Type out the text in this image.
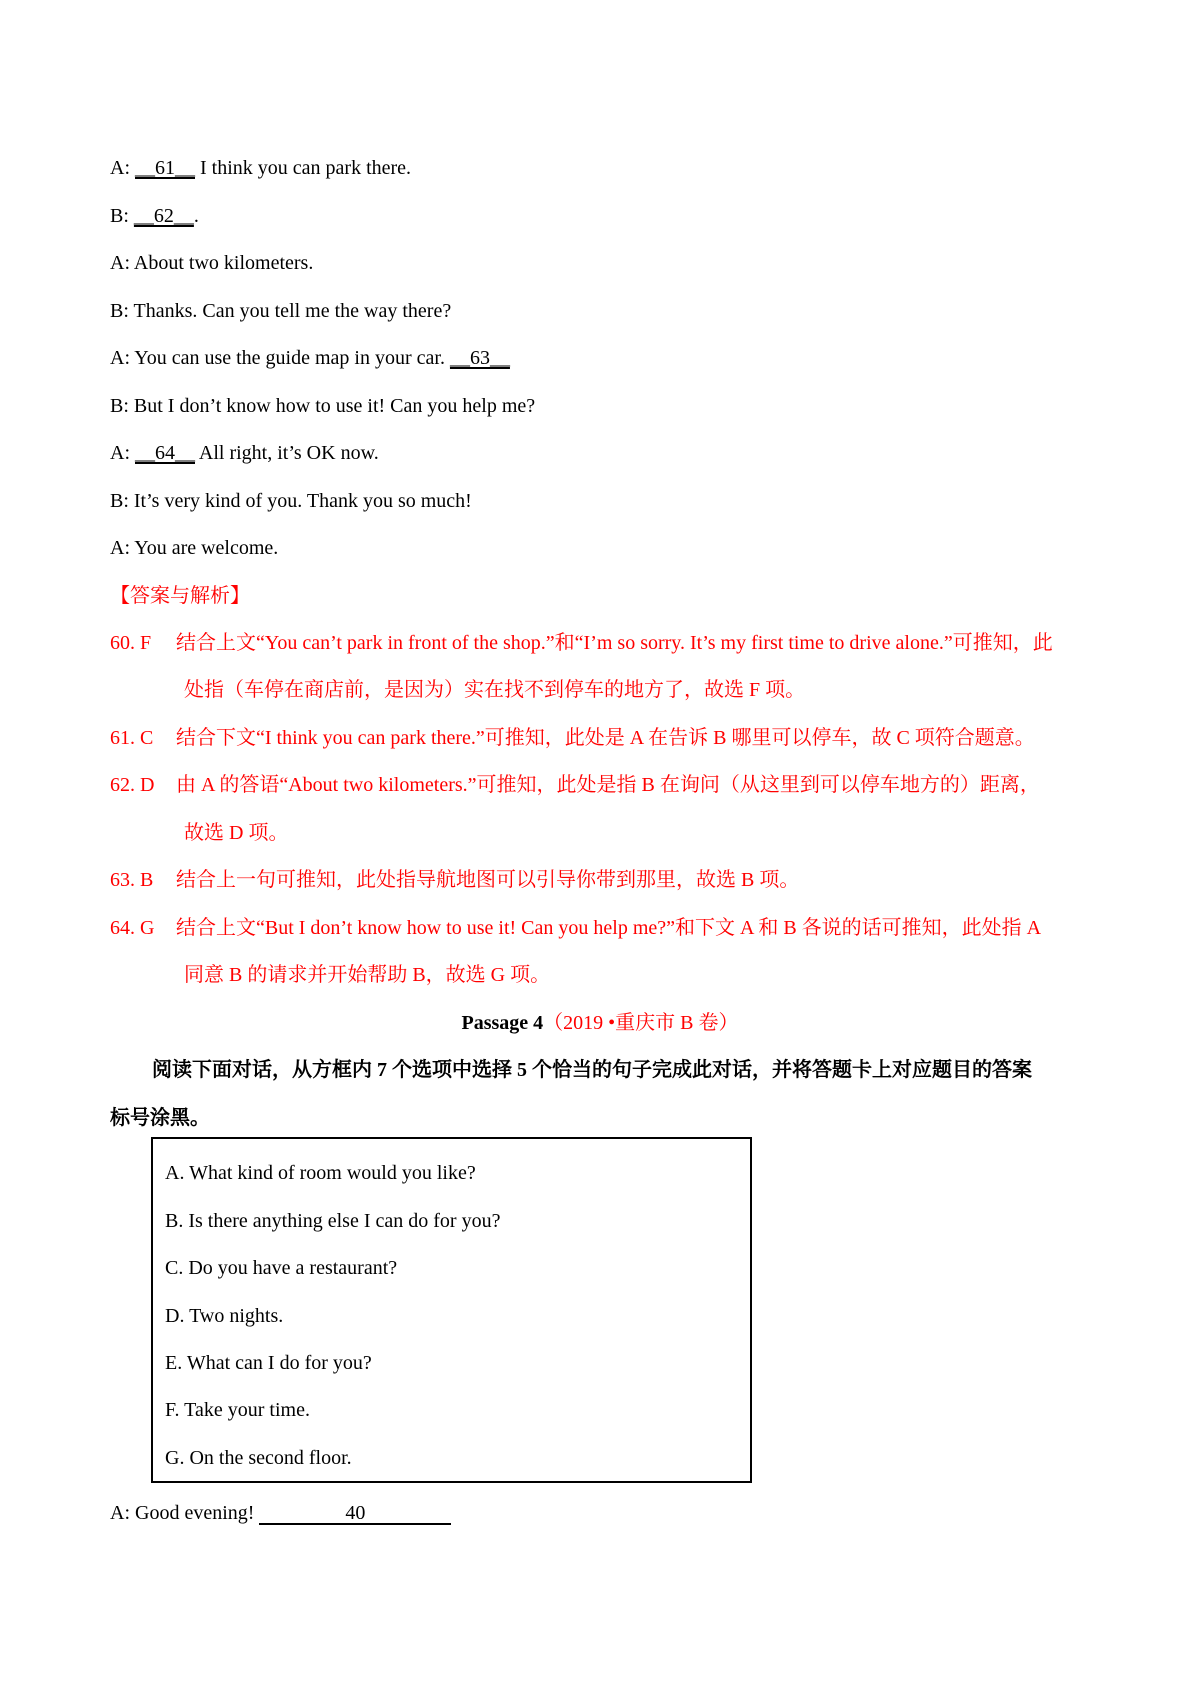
A: __61__ I think you can park there.
B: __62__.
A: About two kilometers.
B: Thanks. Can you tell me the way there?
A: You can use the guide map in your car. __63__
B: But I don’t know how to use it! Can you help me?
A: __64__ All right, it’s OK now.
B: It’s very kind of you. Thank you so much!
A: You are welcome.
【答案与解析】
60. F 结合上文“You can’t park in front of the shop.”和“I’m so sorry. It’s my first time to drive alone.”可推知，此
处指（车停在商店前，是因为）实在找不到停车的地方了，故选 F 项。
61. C 结合下文“I think you can park there.”可推知，此处是 A 在告诉 B 哪里可以停车，故 C 项符合题意。
62. D 由 A 的答语“About two kilometers.”可推知，此处是指 B 在询问（从这里到可以停车地方的）距离，
故选 D 项。
63. B 结合上一句可推知，此处指导航地图可以引导你带到那里，故选 B 项。
64. G 结合上文“But I don’t know how to use it! Can you help me?”和下文 A 和 B 各说的话可推知，此处指 A
同意 B 的请求并开始帮助 B，故选 G 项。
Passage 4（2019 •重庆市 B 卷）
阅读下面对话，从方框内 7 个选项中选择 5 个恰当的句子完成此对话，并将答题卡上对应题目的答案
标号涂黑。
A. What kind of room would you like?
B. Is there anything else I can do for you?
C. Do you have a restaurant?
D. Two nights.
E. What can I do for you?
F. Take your time.
G. On the second floor.
A: Good evening!	40
